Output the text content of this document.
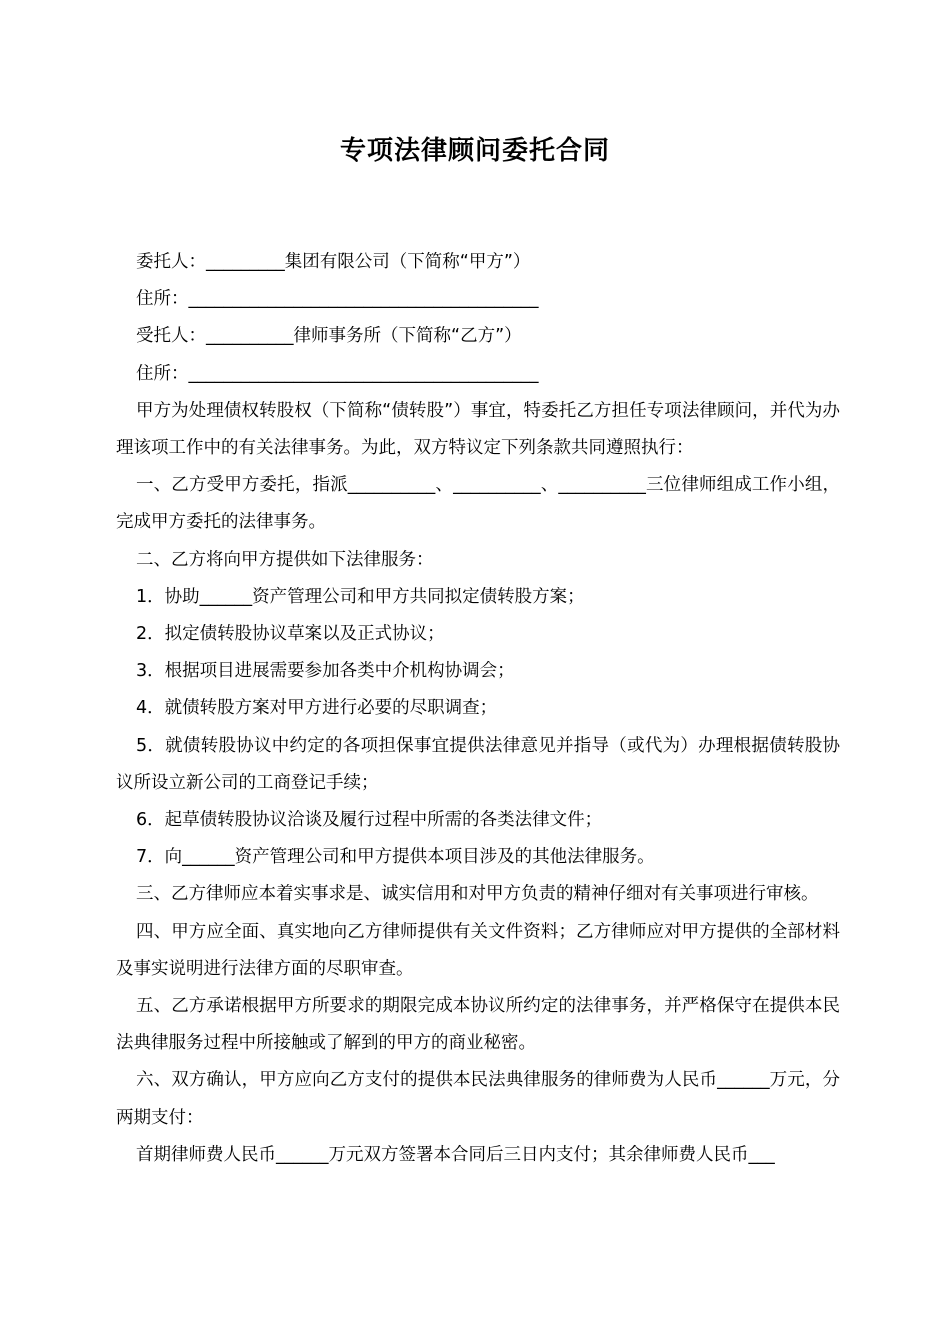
专项法律顾问委托合同

委托人：_________集团有限公司（下简称“甲方”）

住所：________________________________________

受托人：__________律师事务所（下简称“乙方”）

住所：________________________________________

甲方为处理债权转股权（下简称“债转股”）事宜，特委托乙方担任专项法律顾问，并代为办理该项工作中的有关法律事务。为此，双方特议定下列条款共同遵照执行：

一、乙方受甲方委托，指派__________、__________、__________三位律师组成工作小组，完成甲方委托的法律事务。

二、乙方将向甲方提供如下法律服务：

1．协助______资产管理公司和甲方共同拟定债转股方案；

2．拟定债转股协议草案以及正式协议；

3．根据项目进展需要参加各类中介机构协调会；

4．就债转股方案对甲方进行必要的尽职调查；

5．就债转股协议中约定的各项担保事宜提供法律意见并指导（或代为）办理根据债转股协议所设立新公司的工商登记手续；

6．起草债转股协议洽谈及履行过程中所需的各类法律文件；

7．向______资产管理公司和甲方提供本项目涉及的其他法律服务。

三、乙方律师应本着实事求是、诚实信用和对甲方负责的精神仔细对有关事项进行审核。

四、甲方应全面、真实地向乙方律师提供有关文件资料；乙方律师应对甲方提供的全部材料及事实说明进行法律方面的尽职审查。

五、乙方承诺根据甲方所要求的期限完成本协议所约定的法律事务，并严格保守在提供本民法典律服务过程中所接触或了解到的甲方的商业秘密。

六、双方确认，甲方应向乙方支付的提供本民法典律服务的律师费为人民币______万元，分两期支付：

首期律师费人民币______万元双方签署本合同后三日内支付；其余律师费人民币___
